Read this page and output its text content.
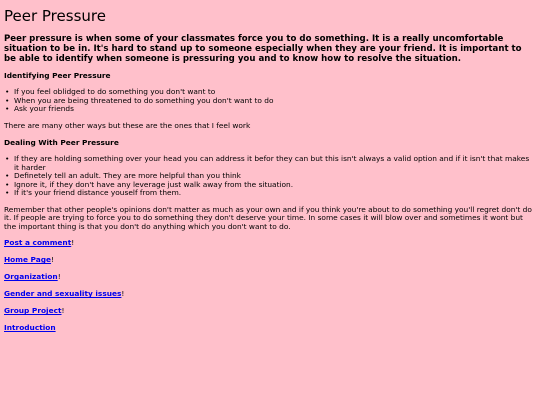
Peer Pressure
Peer pressure is when some of your classmates force you to do something. It is a really uncomfortable situation to be in. It's hard to stand up to someone especially when they are your friend. It is important to be able to identify when someone is pressuring you and to know how to resolve the situation.
Identifying Peer Pressure
• If you feel oblidged to do something you don't want to
• When you are being threatened to do something you don't want to do
• Ask your friends

There are many other ways but these are the ones that I feel work

Dealing With Peer Pressure
• If they are holding something over your head you can address it befor they can but this isn't always a valid option and if it isn't that makes it harder
• Definetely tell an adult. They are more helpful than you think
• Ignore it, if they don't have any leverage just walk away from the situation.
• If it's your friend distance youself from them.

Remember that other people's opinions don't matter as much as your own and if you think you're about to do something you'll regret don't do it. If people are trying to force you to do something they don't deserve your time. In some cases it will blow over and sometimes it wont but the important thing is that you don't do anything which you don't want to do.

Post a comment!
Home Page!
Organization!
Gender and sexuality issues!
Group Project!
Introduction
